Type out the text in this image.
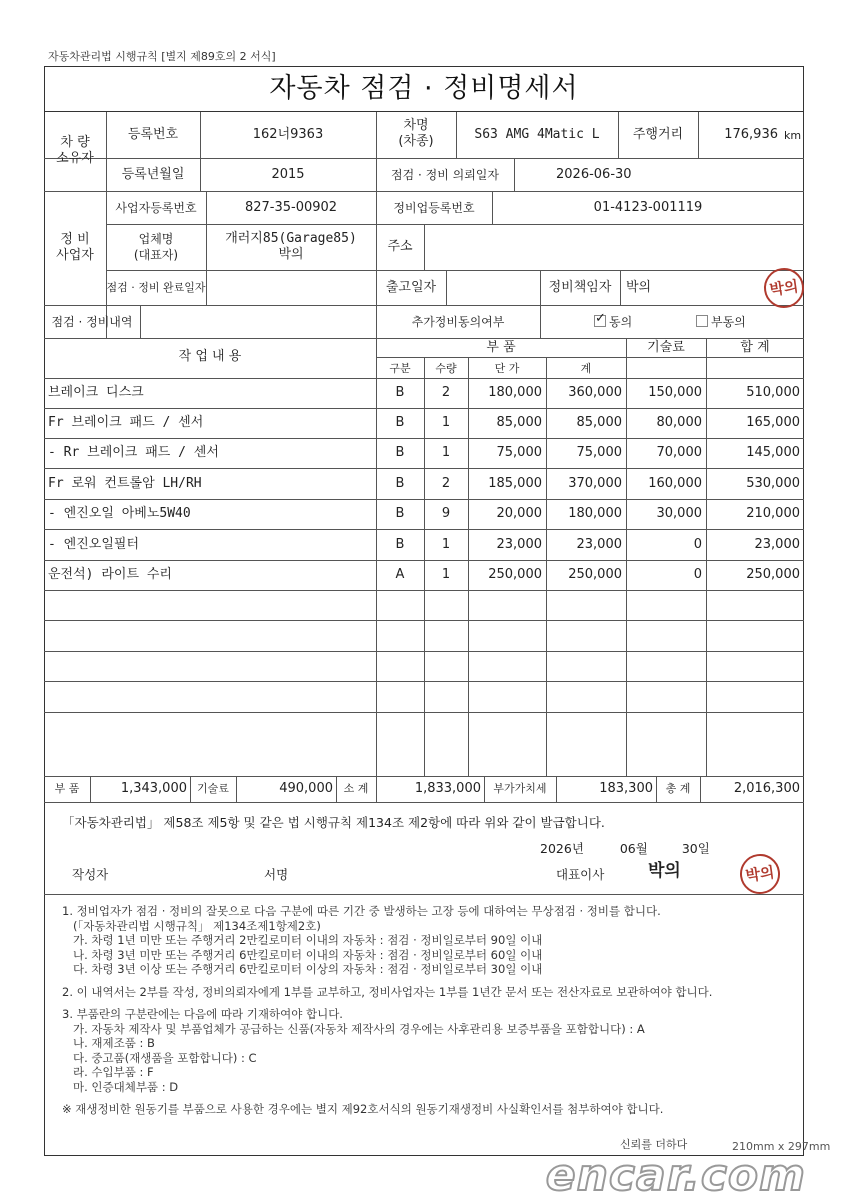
자동차관리법 시행규칙 [별지 제89호의 2 서식]
자동차 점검 · 정비명세서
차 량
소유자
등록번호	162너9363
차명
(차종)	S63 AMG 4Matic L	주행거리	176,936 km
등록년월일	2015	점검 · 정비 의뢰일자	2026-06-30
정 비
사업자
사업자등록번호	827-35-00902	정비업등록번호	01-4123-001119
업체명
(대표자)
개러지85(Garage85)
박의
주소
점검 · 정비 완료일자	출고일자	정비책임자	박의	박의
점검 · 정비내역	추가정비동의여부
✓	동의	부동의
작 업 내 용
부 품	기술료	합 계
구분	수량	단 가	계
브레이크 디스크	B	2	180,000	360,000	150,000	510,000
Fr 브레이크 패드 / 센서	B	1	85,000	85,000	80,000	165,000
- Rr 브레이크 패드 / 센서	B	1	75,000	75,000	70,000	145,000
Fr 로워 컨트롤암 LH/RH	B	2	185,000	370,000	160,000	530,000
- 엔진오일 아베노5W40	B	9	20,000	180,000	30,000	210,000
- 엔진오일필터	B	1	23,000	23,000	0	23,000
운전석) 라이트 수리	A	1	250,000	250,000	0	250,000
부 품	1,343,000 기술료	490,000 소 계	1,833,000	부가가치세	183,300	총 계	2,016,300
「자동차관리법」 제58조 제5항 및 같은 법 시행규칙 제134조 제2항에 따라 위와 같이 발급합니다.
2026년	06월	30일
작성자	서명	대표이사	박의	박의
1. 정비업자가 점검 · 정비의 잘못으로 다음 구분에 따른 기간 중 발생하는 고장 등에 대하여는 무상점검 · 정비를 합니다.
(「자동차관리법 시행규칙」 제134조제1항제2호)
가. 차령 1년 미만 또는 주행거리 2만킬로미터 이내의 자동차 : 점검 · 정비일로부터 90일 이내
나. 차령 3년 미만 또는 주행거리 6만킬로미터 이내의 자동차 : 점검 · 정비일로부터 60일 이내
다. 차령 3년 이상 또는 주행거리 6만킬로미터 이상의 자동차 : 점검 · 정비일로부터 30일 이내
2. 이 내역서는 2부를 작성, 정비의뢰자에게 1부를 교부하고, 정비사업자는 1부를 1년간 문서 또는 전산자료로 보관하여야 합니다.
3. 부품란의 구분란에는 다음에 따라 기재하여야 합니다.
가. 자동차 제작사 및 부품업체가 공급하는 신품(자동차 제작사의 경우에는 사후관리용 보증부품을 포함합니다) : A
나. 재제조품 : B
다. 중고품(재생품을 포함합니다) : C
라. 수입부품 : F
마. 인증대체부품 : D
※ 재생정비한 원동기를 부품으로 사용한 경우에는 별지 제92호서식의 원동기재생정비 사실확인서를 첨부하여야 합니다.
210mm x 297mm
신뢰를 더하다
encar.com
